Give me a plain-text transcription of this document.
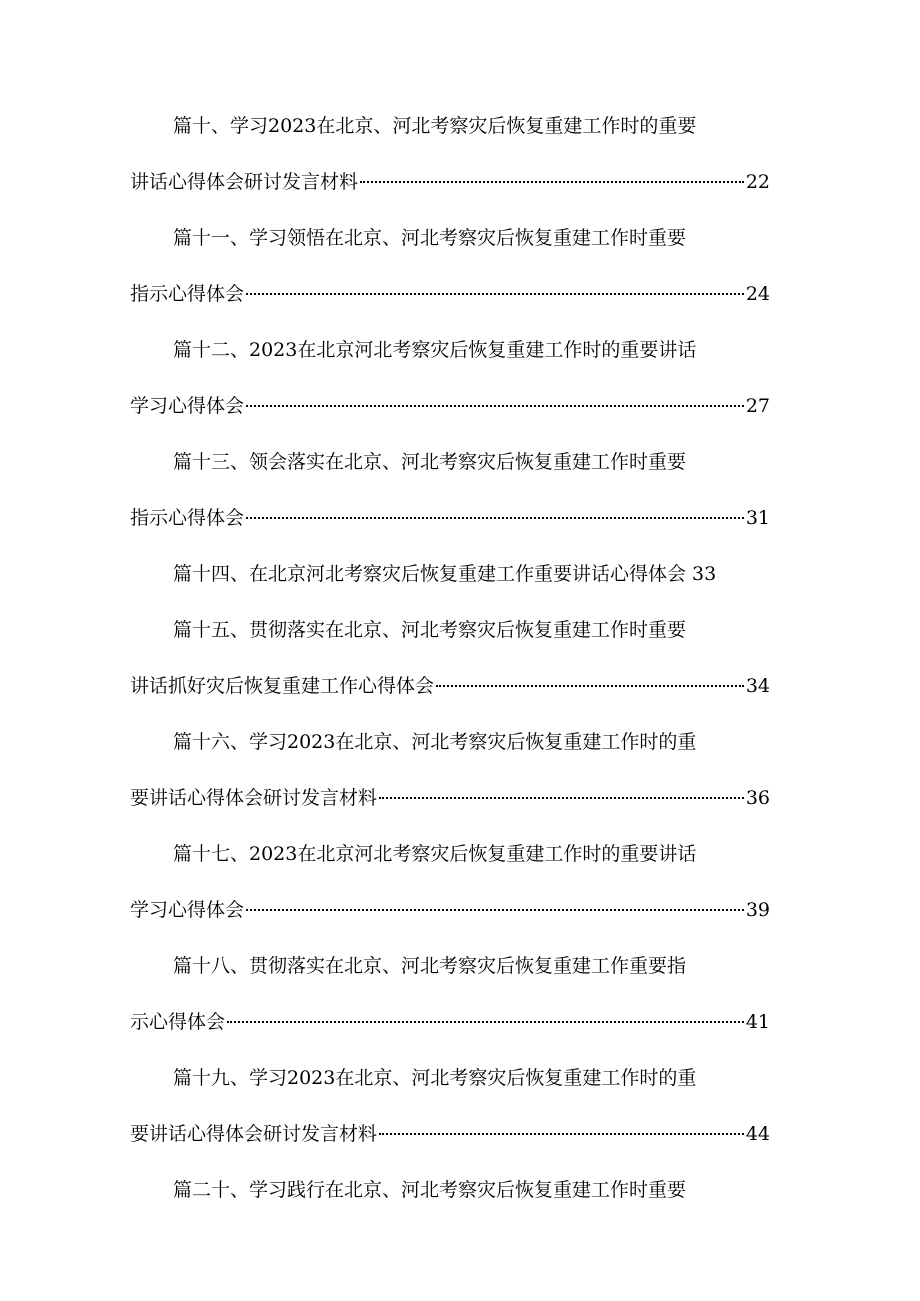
篇十、学习2023在北京、河北考察灾后恢复重建工作时的重要
讲话心得体会研讨发言材料	22
篇十一、学习领悟在北京、河北考察灾后恢复重建工作时重要
指示心得体会	24
篇十二、2023在北京河北考察灾后恢复重建工作时的重要讲话
学习心得体会	27
篇十三、领会落实在北京、河北考察灾后恢复重建工作时重要
指示心得体会	31
篇十四、在北京河北考察灾后恢复重建工作重要讲话心得体会 33
篇十五、贯彻落实在北京、河北考察灾后恢复重建工作时重要
讲话抓好灾后恢复重建工作心得体会	34
篇十六、学习2023在北京、河北考察灾后恢复重建工作时的重
要讲话心得体会研讨发言材料	36
篇十七、2023在北京河北考察灾后恢复重建工作时的重要讲话
学习心得体会	39
篇十八、贯彻落实在北京、河北考察灾后恢复重建工作重要指
示心得体会	41
篇十九、学习2023在北京、河北考察灾后恢复重建工作时的重
要讲话心得体会研讨发言材料	44
篇二十、学习践行在北京、河北考察灾后恢复重建工作时重要
